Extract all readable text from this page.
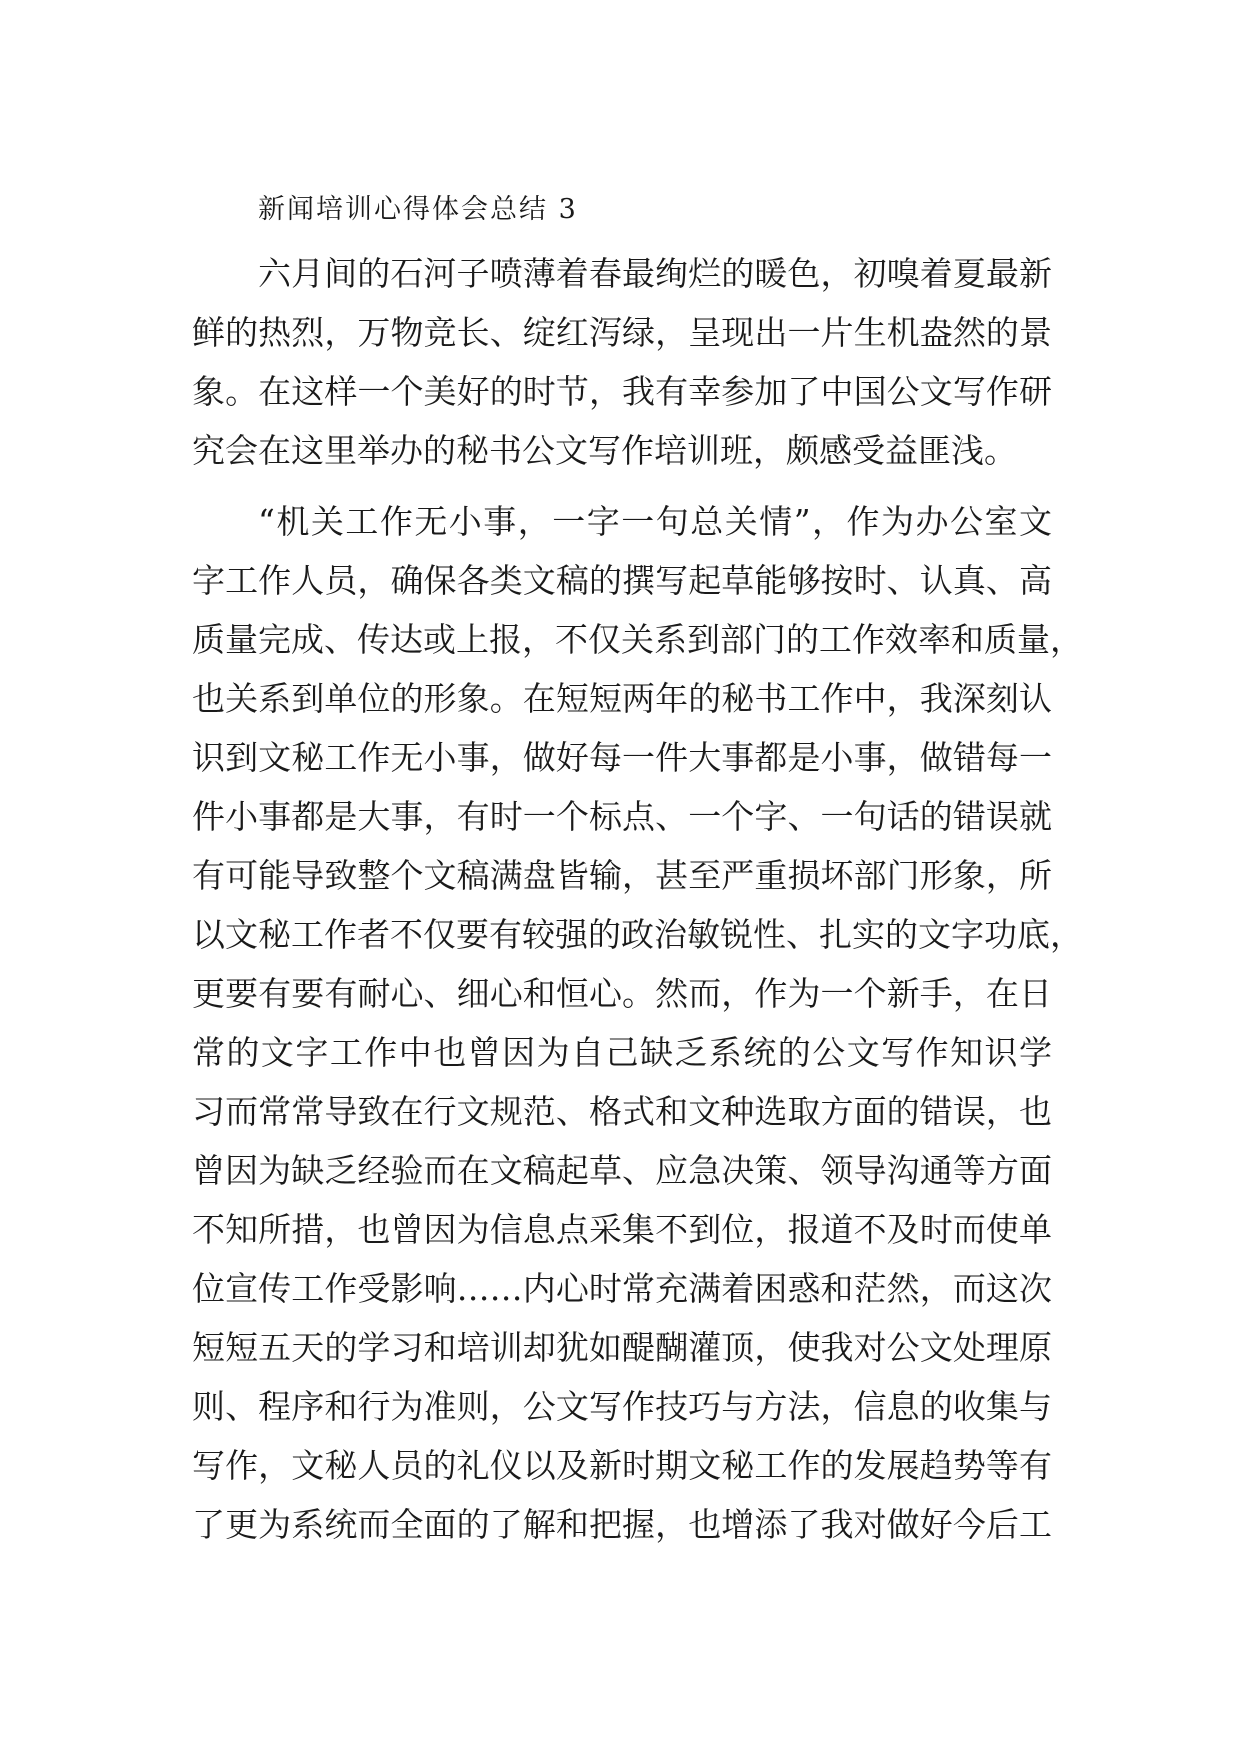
新闻培训心得体会总结 3
六月间的石河子喷薄着春最绚烂的暖色，初嗅着夏最新
鲜的热烈，万物竞长、绽红泻绿，呈现出一片生机盎然的景
象。在这样一个美好的时节，我有幸参加了中国公文写作研
究会在这里举办的秘书公文写作培训班，颇感受益匪浅。
“机关工作无小事，一字一句总关情”，作为办公室文
字工作人员，确保各类文稿的撰写起草能够按时、认真、高
质量完成、传达或上报，不仅关系到部门的工作效率和质量，
也关系到单位的形象。在短短两年的秘书工作中，我深刻认
识到文秘工作无小事，做好每一件大事都是小事，做错每一
件小事都是大事，有时一个标点、一个字、一句话的错误就
有可能导致整个文稿满盘皆输，甚至严重损坏部门形象，所
以文秘工作者不仅要有较强的政治敏锐性、扎实的文字功底，
更要有要有耐心、细心和恒心。然而，作为一个新手，在日
常的文字工作中也曾因为自己缺乏系统的公文写作知识学
习而常常导致在行文规范、格式和文种选取方面的错误，也
曾因为缺乏经验而在文稿起草、应急决策、领导沟通等方面
不知所措，也曾因为信息点采集不到位，报道不及时而使单
位宣传工作受影响……内心时常充满着困惑和茫然，而这次
短短五天的学习和培训却犹如醍醐灌顶，使我对公文处理原
则、程序和行为准则，公文写作技巧与方法，信息的收集与
写作，文秘人员的礼仪以及新时期文秘工作的发展趋势等有
了更为系统而全面的了解和把握，也增添了我对做好今后工
